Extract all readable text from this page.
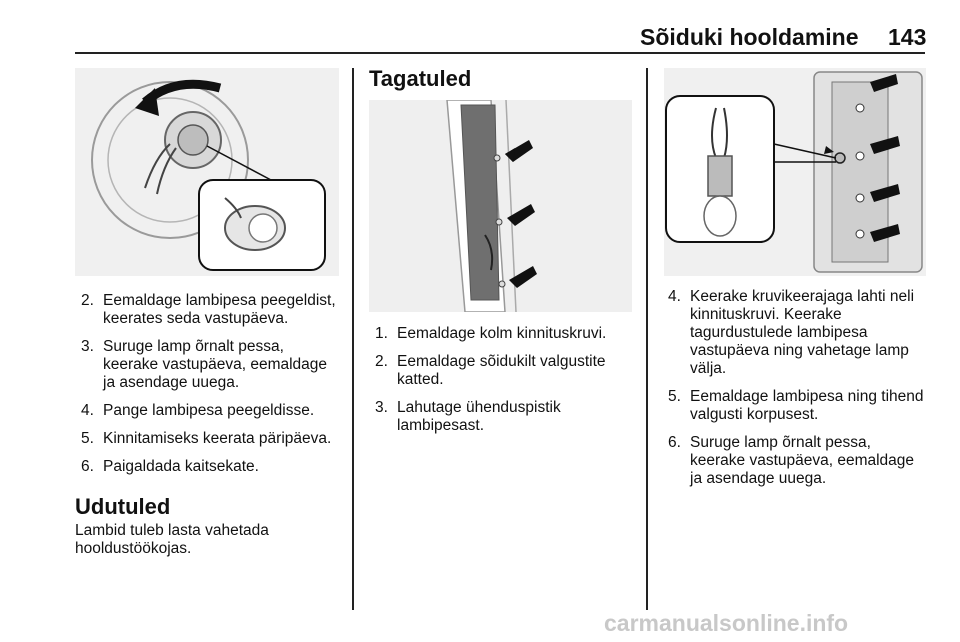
Sõiduki hooldamine 143
2. Eemaldage lambipesa peegeldist, keerates seda vastupäeva.
3. Suruge lamp õrnalt pessa, keerake vastupäeva, eemaldage ja asendage uuega.
4. Pange lambipesa peegeldisse.
5. Kinnitamiseks keerata päripäeva.
6. Paigaldada kaitsekate.
Udutuled
Lambid tuleb lasta vahetada hooldustöökojas.
Tagatuled
1. Eemaldage kolm kinnituskruvi.
2. Eemaldage sõidukilt valgustite katted.
3. Lahutage ühenduspistik lambipesast.
4. Keerake kruvikeerajaga lahti neli kinnituskruvi. Keerake tagurdustulede lambipesa vastupäeva ning vahetage lamp välja.
5. Eemaldage lambipesa ning tihend valgusti korpusest.
6. Suruge lamp õrnalt pessa, keerake vastupäeva, eemaldage ja asendage uuega.
carmanualsonline.info
